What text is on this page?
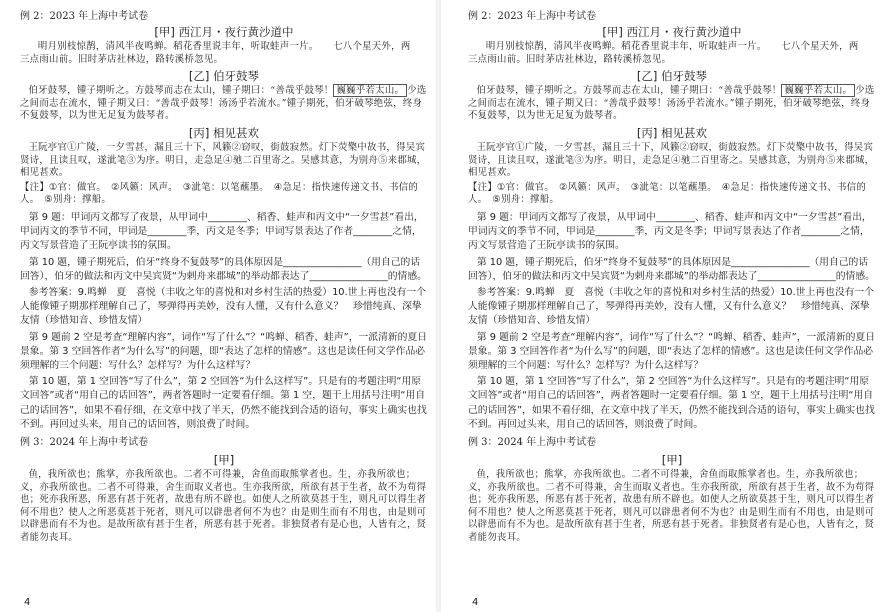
例 2：2023 年上海中考试卷

[甲] 西江月・夜行黄沙道中

明月别枝惊鹊，清风半夜鸣蝉。稻花香里说丰年，听取蛙声一片。　　 七八个星天外，两

三点雨山前。旧时茅店社林边，路转溪桥忽见。

[乙] 伯牙鼓琴

伯牙鼓琴，锺子期听之。方鼓琴而志在太山，锺子期曰：“善哉乎鼓琴！ 巍巍乎若太山。 少选之间而志在流水，锺子期又曰：“善哉乎鼓琴！汤汤乎若流水。”锺子期死，伯牙破琴绝弦，终身不复鼓琴，以为世无足复为鼓琴者。

[丙] 相见甚欢

王阮亭官①广陵，一夕雪甚，漏且三十下，风籁②窃叹，街鼓寂然。灯下荧檠中故书，得吴宾贤诗，且读且叹，遂泚笔③为序。明日，走急足④驰二百里寄之。吴感其意，为别舟⑤来郡城，相见甚欢。

【注】①官：做官。　②风籁：风声。　③泚笔：以笔蘸墨。　④急足：指快速传递文书、书信的人。　⑤别舟：撑船。

第 9 题：甲词丙文都写了夜景，从甲词中________、稻香、蛙声和丙文中“一夕雪甚”看出，甲词丙文的季节不同，甲词是________季，丙文是冬季；甲词写景表达了作者________之情，丙文写景营造了王阮亭读书的氛围。

第 10 题，锺子期死后，伯牙“终身不复鼓琴”的具体原因是________________（用自己的话回答），伯牙的做法和丙文中吴宾贤“为剌舟来郡城”的举动都表达了________________的情感。

参考答案：9.鸣蝉　夏　喜悦（丰收之年的喜悦和对乡村生活的热爱）10.世上再也没有一个人能像锺子期那样理解自己了，琴弹得再美妙，没有人懂，又有什么意义？　珍惜纯真、深挚友情（珍惜知音、珍惜友情）

第 9 题前 2 空是考查“理解内容”，词作“写了什么”？“鸣蝉、稻香、蛙声”，一派清新的夏日景象。第 3 空回答作者“为什么写”的问题，即“表达了怎样的情感”。这也是读任何文学作品必须理解的三个问题：写什么？怎样写？为什么这样写？

第 10 题，第 1 空回答“写了什么”，第 2 空回答“为什么这样写”。只是有的考题注明“用原文回答”或者“用自己的话回答”，两者答题时一定要看仔细。第 1 空，题干上用括号注明“用自己的话回答”，如果不看仔细，在文章中找了半天，仍然不能找到合适的语句，事实上确实也找不到。再回过头来，用自己的话回答，则浪费了时间。

例 3：2024 年上海中考试卷

[甲]

鱼，我所欲也；熊掌，亦我所欲也。二者不可得兼，舍鱼而取熊掌者也。生，亦我所欲也；义，亦我所欲也。二者不可得兼，舍生而取义者也。生亦我所欲，所欲有甚于生者，故不为苟得也；死亦我所恶，所恶有甚于死者，故患有所不辟也。如使人之所欲莫甚于生，则凡可以得生者何不用也？使人之所恶莫甚于死者，则凡可以辟患者何不为也？由是则生而有不用也，由是则可以辟患而有不为也。是故所欲有甚于生者，所恶有甚于死者。非独贤者有是心也，人皆有之，贤者能勿丧耳。

4

例 2：2023 年上海中考试卷

[甲] 西江月・夜行黄沙道中

明月别枝惊鹊，清风半夜鸣蝉。稻花香里说丰年，听取蛙声一片。　　 七八个星天外，两

三点雨山前。旧时茅店社林边，路转溪桥忽见。

[乙] 伯牙鼓琴

伯牙鼓琴，锺子期听之。方鼓琴而志在太山，锺子期曰：“善哉乎鼓琴！ 巍巍乎若太山。 少选之间而志在流水，锺子期又曰：“善哉乎鼓琴！汤汤乎若流水。”锺子期死，伯牙破琴绝弦，终身不复鼓琴，以为世无足复为鼓琴者。

[丙] 相见甚欢

王阮亭官①广陵，一夕雪甚，漏且三十下，风籁②窃叹，街鼓寂然。灯下荧檠中故书，得吴宾贤诗，且读且叹，遂泚笔③为序。明日，走急足④驰二百里寄之。吴感其意，为别舟⑤来郡城，相见甚欢。

【注】①官：做官。　②风籁：风声。　③泚笔：以笔蘸墨。　④急足：指快速传递文书、书信的人。　⑤别舟：撑船。

第 9 题：甲词丙文都写了夜景，从甲词中________、稻香、蛙声和丙文中“一夕雪甚”看出，甲词丙文的季节不同，甲词是________季，丙文是冬季；甲词写景表达了作者________之情，丙文写景营造了王阮亭读书的氛围。

第 10 题，锺子期死后，伯牙“终身不复鼓琴”的具体原因是________________（用自己的话回答），伯牙的做法和丙文中吴宾贤“为剌舟来郡城”的举动都表达了________________的情感。

参考答案：9.鸣蝉　夏　喜悦（丰收之年的喜悦和对乡村生活的热爱）10.世上再也没有一个人能像锺子期那样理解自己了，琴弹得再美妙，没有人懂，又有什么意义？　珍惜纯真、深挚友情（珍惜知音、珍惜友情）

第 9 题前 2 空是考查“理解内容”，词作“写了什么”？“鸣蝉、稻香、蛙声”，一派清新的夏日景象。第 3 空回答作者“为什么写”的问题，即“表达了怎样的情感”。这也是读任何文学作品必须理解的三个问题：写什么？怎样写？为什么这样写？

第 10 题，第 1 空回答“写了什么”，第 2 空回答“为什么这样写”。只是有的考题注明“用原文回答”或者“用自己的话回答”，两者答题时一定要看仔细。第 1 空，题干上用括号注明“用自己的话回答”，如果不看仔细，在文章中找了半天，仍然不能找到合适的语句，事实上确实也找不到。再回过头来，用自己的话回答，则浪费了时间。

例 3：2024 年上海中考试卷

[甲]

鱼，我所欲也；熊掌，亦我所欲也。二者不可得兼，舍鱼而取熊掌者也。生，亦我所欲也；义，亦我所欲也。二者不可得兼，舍生而取义者也。生亦我所欲，所欲有甚于生者，故不为苟得也；死亦我所恶，所恶有甚于死者，故患有所不辟也。如使人之所欲莫甚于生，则凡可以得生者何不用也？使人之所恶莫甚于死者，则凡可以辟患者何不为也？由是则生而有不用也，由是则可以辟患而有不为也。是故所欲有甚于生者，所恶有甚于死者。非独贤者有是心也，人皆有之，贤者能勿丧耳。

4
